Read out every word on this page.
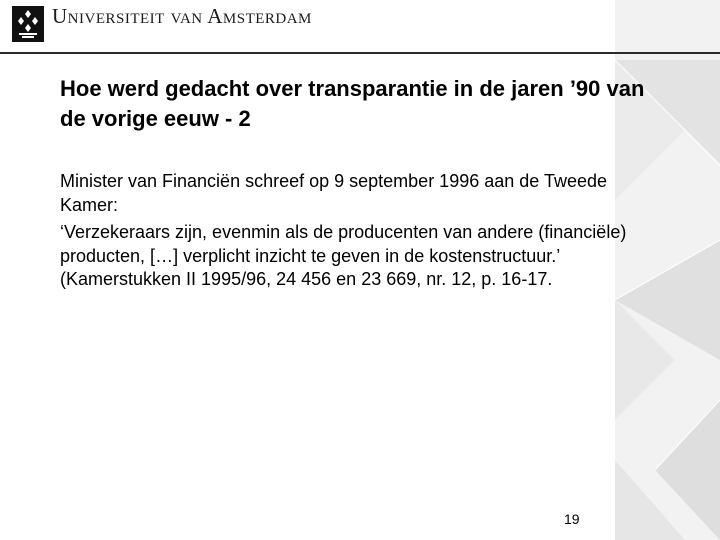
Universiteit van Amsterdam
Hoe werd gedacht over transparantie in de jaren ’90 van de vorige eeuw - 2

Minister van Financiën schreef op 9 september 1996 aan de Tweede Kamer:

‘Verzekeraars zijn, evenmin als de producenten van andere (financiële) producten, […] verplicht inzicht te geven in de kostenstructuur.’ (Kamerstukken II 1995/96, 24 456 en 23 669, nr. 12, p. 16-17.

19
